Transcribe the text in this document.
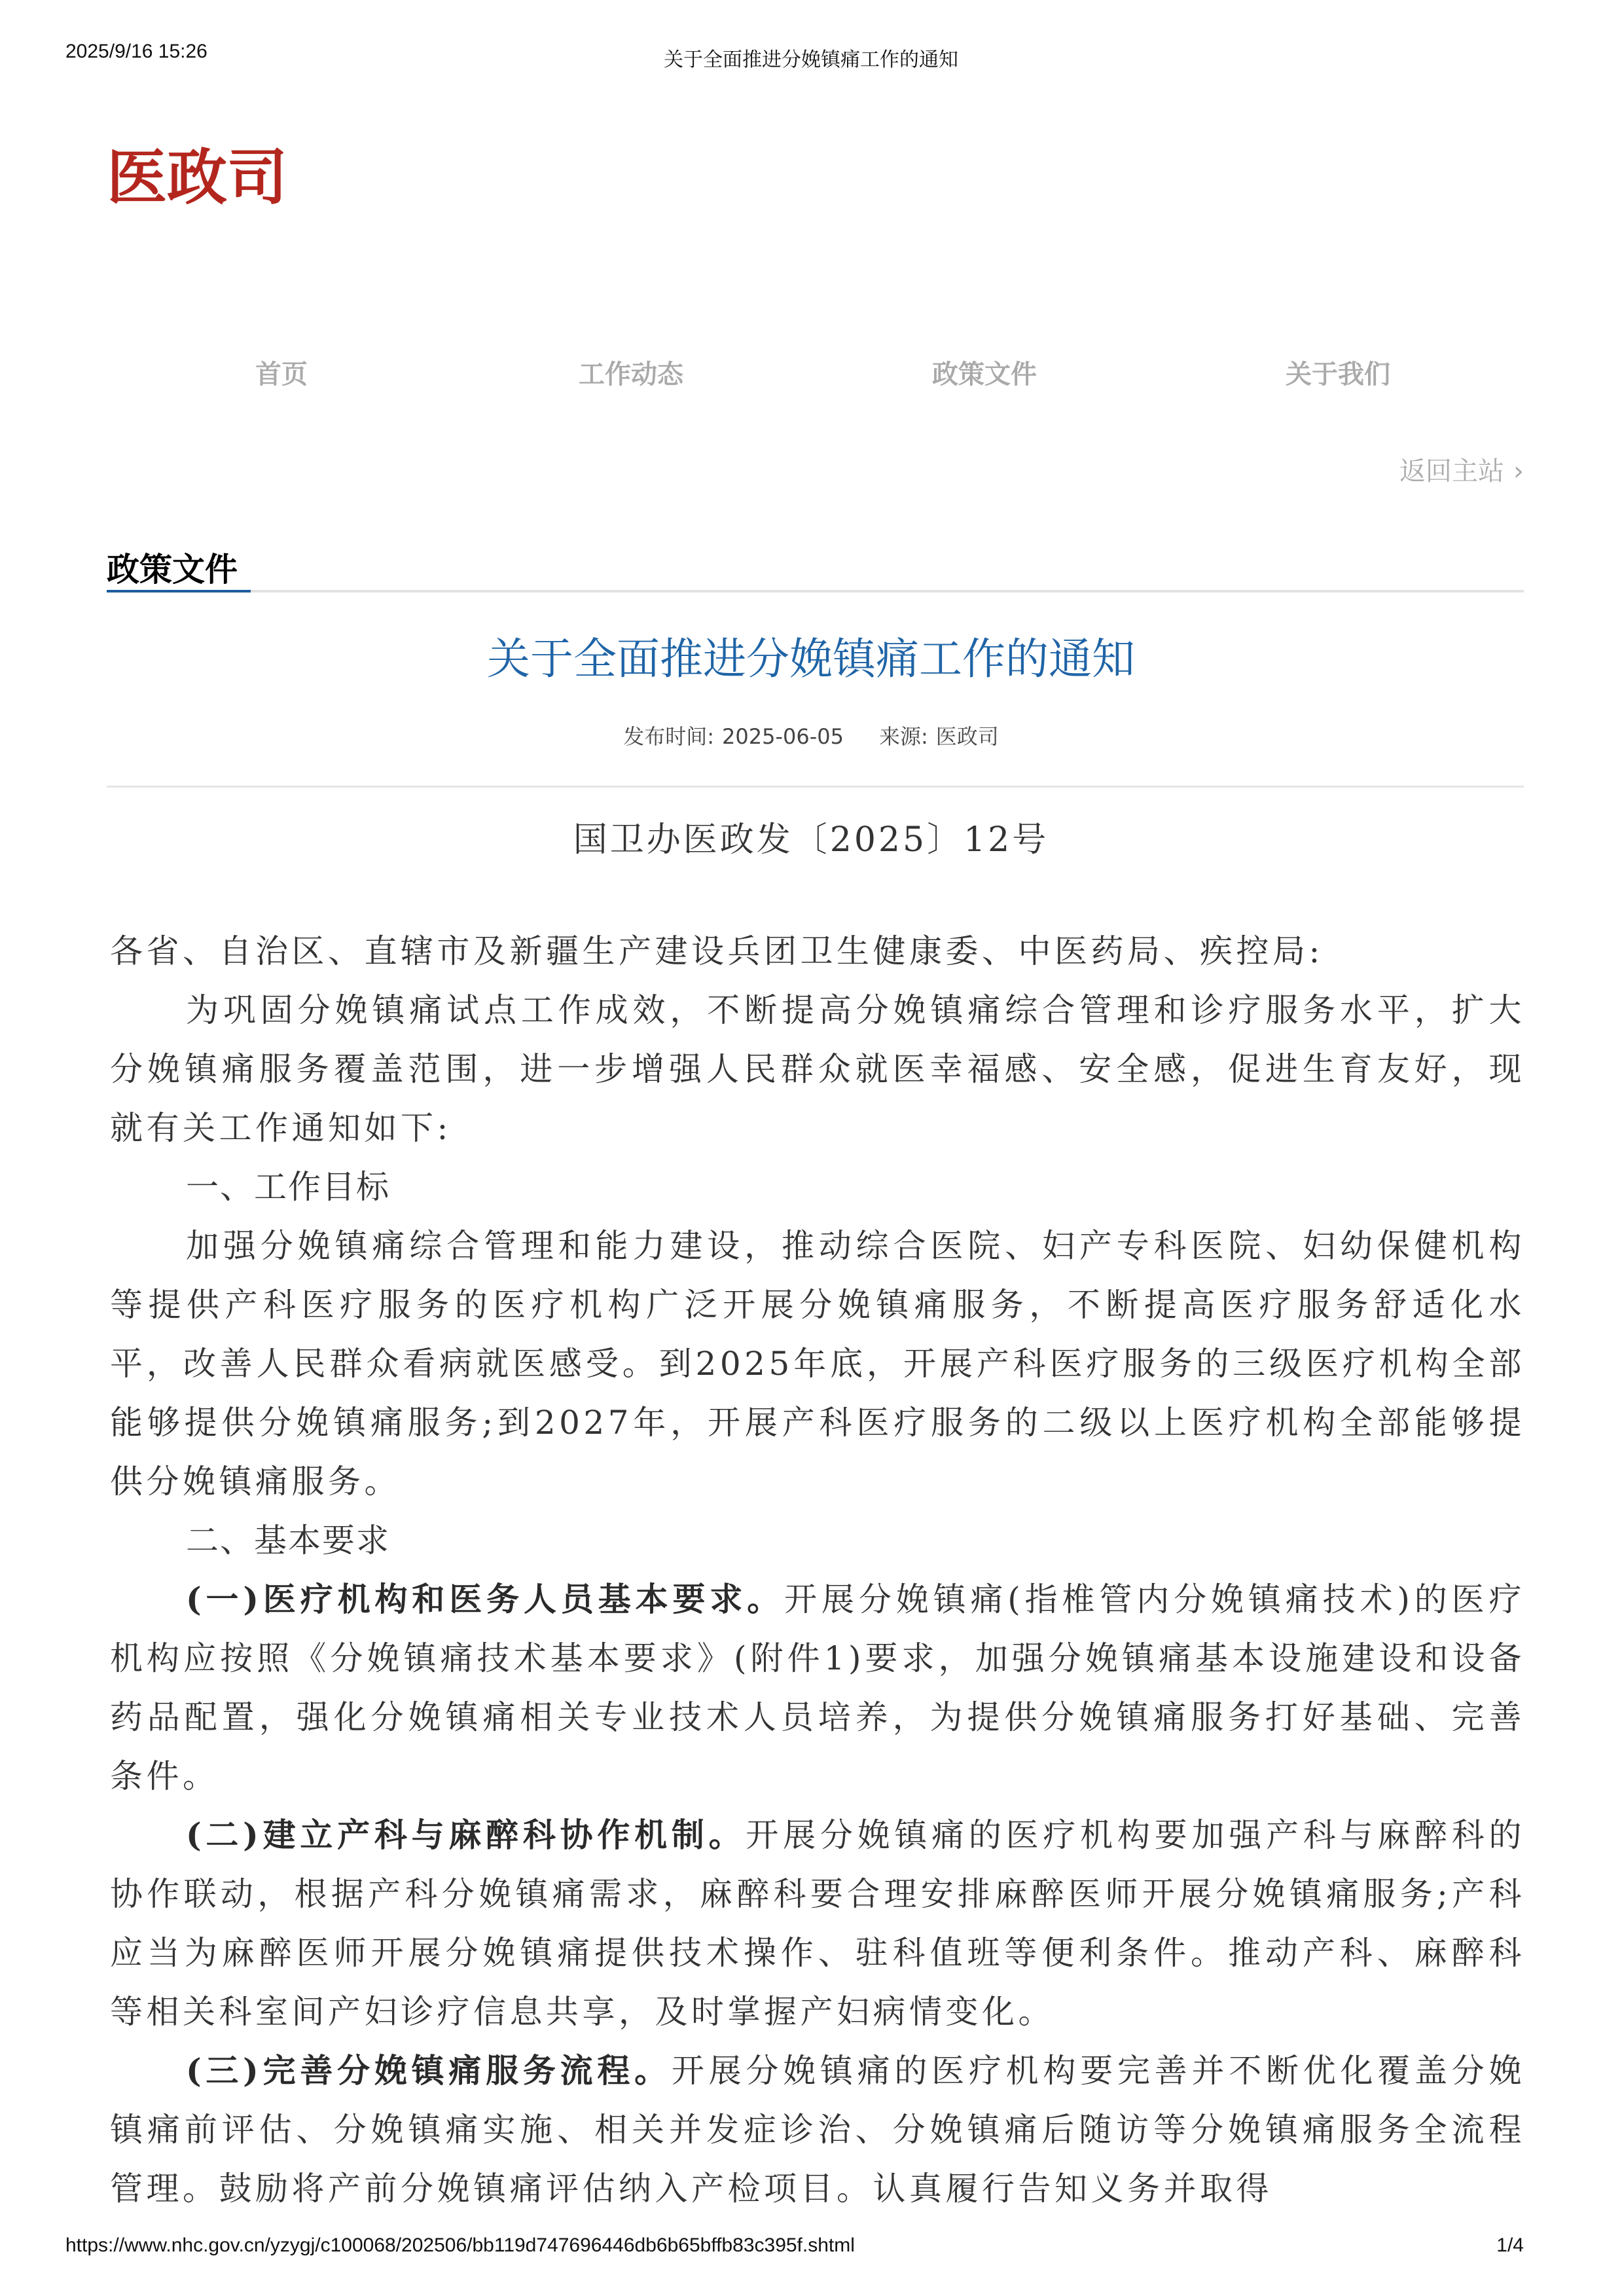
2025/9/16 15:26	关于全面推进分娩镇痛工作的通知
医政司
首页	工作动态	政策文件	关于我们
返回主站 ›
政策文件
关于全面推进分娩镇痛工作的通知
发布时间: 2025-06-05 来源: 医政司
国卫办医政发〔2025〕12号

各省、自治区、直辖市及新疆生产建设兵团卫生健康委、中医药局、疾控局:

为巩固分娩镇痛试点工作成效，不断提高分娩镇痛综合管理和诊疗服务水平，扩大分娩镇痛服务覆盖范围，进一步增强人民群众就医幸福感、安全感，促进生育友好，现就有关工作通知如下:

一、工作目标

加强分娩镇痛综合管理和能力建设，推动综合医院、妇产专科医院、妇幼保健机构等提供产科医疗服务的医疗机构广泛开展分娩镇痛服务，不断提高医疗服务舒适化水平，改善人民群众看病就医感受。到2025年底，开展产科医疗服务的三级医疗机构全部能够提供分娩镇痛服务;到2027年，开展产科医疗服务的二级以上医疗机构全部能够提供分娩镇痛服务。

二、基本要求

(一)医疗机构和医务人员基本要求。开展分娩镇痛(指椎管内分娩镇痛技术)的医疗机构应按照《分娩镇痛技术基本要求》(附件1)要求，加强分娩镇痛基本设施建设和设备药品配置，强化分娩镇痛相关专业技术人员培养，为提供分娩镇痛服务打好基础、完善条件。

(二)建立产科与麻醉科协作机制。开展分娩镇痛的医疗机构要加强产科与麻醉科的协作联动，根据产科分娩镇痛需求，麻醉科要合理安排麻醉医师开展分娩镇痛服务;产科应当为麻醉医师开展分娩镇痛提供技术操作、驻科值班等便利条件。推动产科、麻醉科等相关科室间产妇诊疗信息共享，及时掌握产妇病情变化。

(三)完善分娩镇痛服务流程。开展分娩镇痛的医疗机构要完善并不断优化覆盖分娩镇痛前评估、分娩镇痛实施、相关并发症诊治、分娩镇痛后随访等分娩镇痛服务全流程管理。鼓励将产前分娩镇痛评估纳入产检项目。认真履行告知义务并取得

https://www.nhc.gov.cn/yzygj/c100068/202506/bb119d747696446db6b65bffb83c395f.shtml	1/4
